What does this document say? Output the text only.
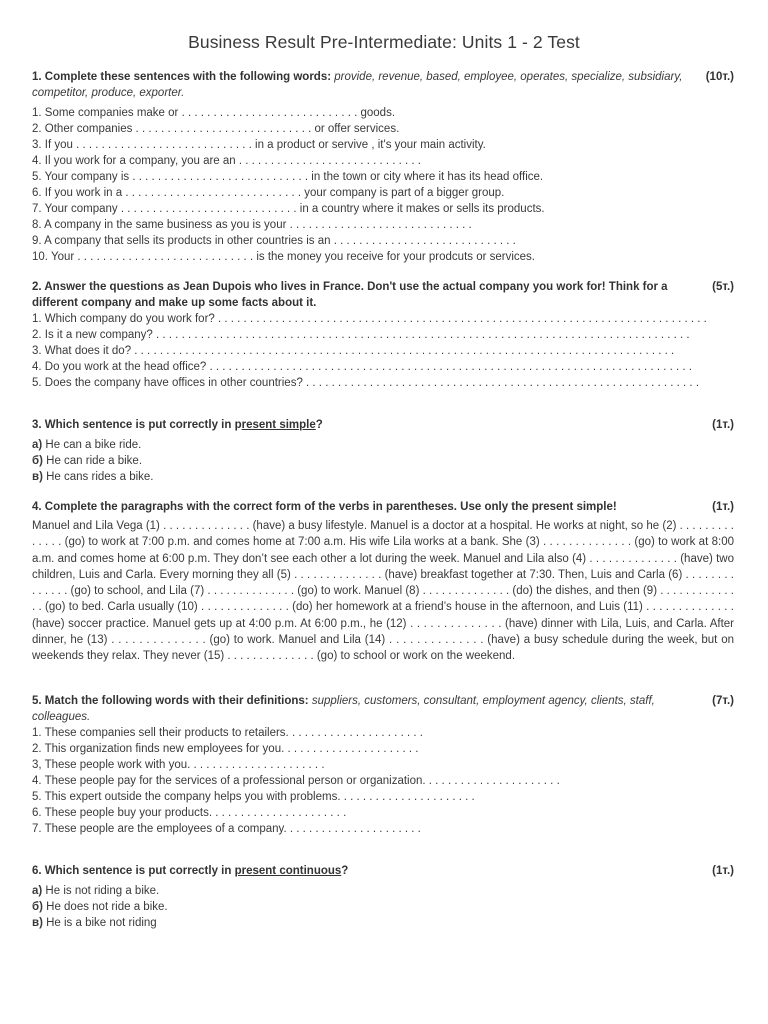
Business Result Pre-Intermediate: Units 1 - 2 Test
1. Complete these sentences with the following words: provide, revenue, based, employee, operates, specialize, subsidiary, competitor, produce, exporter.
(10т.)
1. Some companies make or . . . . . . . . . . . . . . . . . . . . . . . . . . . . goods.
2. Other companies . . . . . . . . . . . . . . . . . . . . . . . . . . . . or offer services.
3. If you . . . . . . . . . . . . . . . . . . . . . . . . . . . . in a product or servive , it's your main activity.
4. Il you work for a company, you are an . . . . . . . . . . . . . . . . . . . . . . . . . . . . .
5. Your company is . . . . . . . . . . . . . . . . . . . . . . . . . . . . in the town or city where it has its head office.
6. If you work in a . . . . . . . . . . . . . . . . . . . . . . . . . . . . your company is part of a bigger group.
7. Your company . . . . . . . . . . . . . . . . . . . . . . . . . . . . in a country where it makes or sells its products.
8. A company in the same business as you is your . . . . . . . . . . . . . . . . . . . . . . . . . . . . .
9. A company that sells its products in other countries is an . . . . . . . . . . . . . . . . . . . . . . . . . . . . .
10. Your . . . . . . . . . . . . . . . . . . . . . . . . . . . . is the money you receive for your prodcuts or services.
2. Answer the questions as Jean Dupois who lives in France. Don't use the actual company you work for! Think for a different company and make up some facts about it.
(5т.)
1. Which company do you work for? . . . . . . . . . . . . . . . . . . . . . . . . . . . . . . . . . . . . . . . . . . . . . . . . . . . . . . . . . . . . . . . . . . . . . . . . . . . . .
2. Is it a new company? . . . . . . . . . . . . . . . . . . . . . . . . . . . . . . . . . . . . . . . . . . . . . . . . . . . . . . . . . . . . . . . . . . . . . . . . . . . . . . . . . . . .
3. What does it do? . . . . . . . . . . . . . . . . . . . . . . . . . . . . . . . . . . . . . . . . . . . . . . . . . . . . . . . . . . . . . . . . . . . . . . . . . . . . . . . . . . . . .
4. Do you work at the head office? . . . . . . . . . . . . . . . . . . . . . . . . . . . . . . . . . . . . . . . . . . . . . . . . . . . . . . . . . . . . . . . . . . . . . . . . . . . .
5. Does the company have offices in other countries? . . . . . . . . . . . . . . . . . . . . . . . . . . . . . . . . . . . . . . . . . . . . . . . . . . . . . . . . . . . . . .
3. Which sentence is put correctly in present simple?	(1т.)
а) He can a bike ride.
б) He can ride a bike.
в) He cans rides a bike.
4. Complete the paragraphs with the correct form of the verbs in parentheses. Use only the present simple!	(1т.)
Manuel and Lila Vega (1) . . . . . . . . . . . . . . (have) a busy lifestyle. Manuel is a doctor at a hospital. He works at night, so he (2) . . . . . . . . . . . . . . (go) to work at 7:00 p.m. and comes home at 7:00 a.m. His wife Lila works at a bank. She (3) . . . . . . . . . . . . . . (go) to work at 8:00 a.m. and comes home at 6:00 p.m. They don’t see each other a lot during the week. Manuel and Lila also (4) . . . . . . . . . . . . . . (have) two children, Luis and Carla. Every morning they all (5) . . . . . . . . . . . . . . (have) breakfast together at 7:30. Then, Luis and Carla (6) . . . . . . . . . . . . . . (go) to school, and Lila (7) . . . . . . . . . . . . . . (go) to work. Manuel (8) . . . . . . . . . . . . . . (do) the dishes, and then (9) . . . . . . . . . . . . . . (go) to bed. Carla usually (10) . . . . . . . . . . . . . . (do) her homework at a friend’s house in the afternoon, and Luis (11) . . . . . . . . . . . . . . (have) soccer practice. Manuel gets up at 4:00 p.m. At 6:00 p.m., he (12) . . . . . . . . . . . . . . (have) dinner with Lila, Luis, and Carla. After dinner, he (13) . . . . . . . . . . . . . . (go) to work. Manuel and Lila (14) . . . . . . . . . . . . . . (have) a busy schedule during the week, but on weekends they relax. They never (15) . . . . . . . . . . . . . . (go) to school or work on the weekend.
5. Match the following words with their definitions: suppliers, customers, consultant, employment agency, clients, staff, colleagues.
(7т.)
1. These companies sell their products to retailers. . . . . . . . . . . . . . . . . . . . . .
2. This organization finds new employees for you. . . . . . . . . . . . . . . . . . . . . .
3, These people work with you. . . . . . . . . . . . . . . . . . . . . .
4. These people pay for the services of a professional person or organization. . . . . . . . . . . . . . . . . . . . . .
5. This expert outside the company helps you with problems. . . . . . . . . . . . . . . . . . . . . .
6. These people buy your products. . . . . . . . . . . . . . . . . . . . . .
7. These people are the employees of a company. . . . . . . . . . . . . . . . . . . . . .
6. Which sentence is put correctly in present continuous?	(1т.)
а) He is not riding a bike.
б) He does not ride a bike.
в) He is a bike not riding
